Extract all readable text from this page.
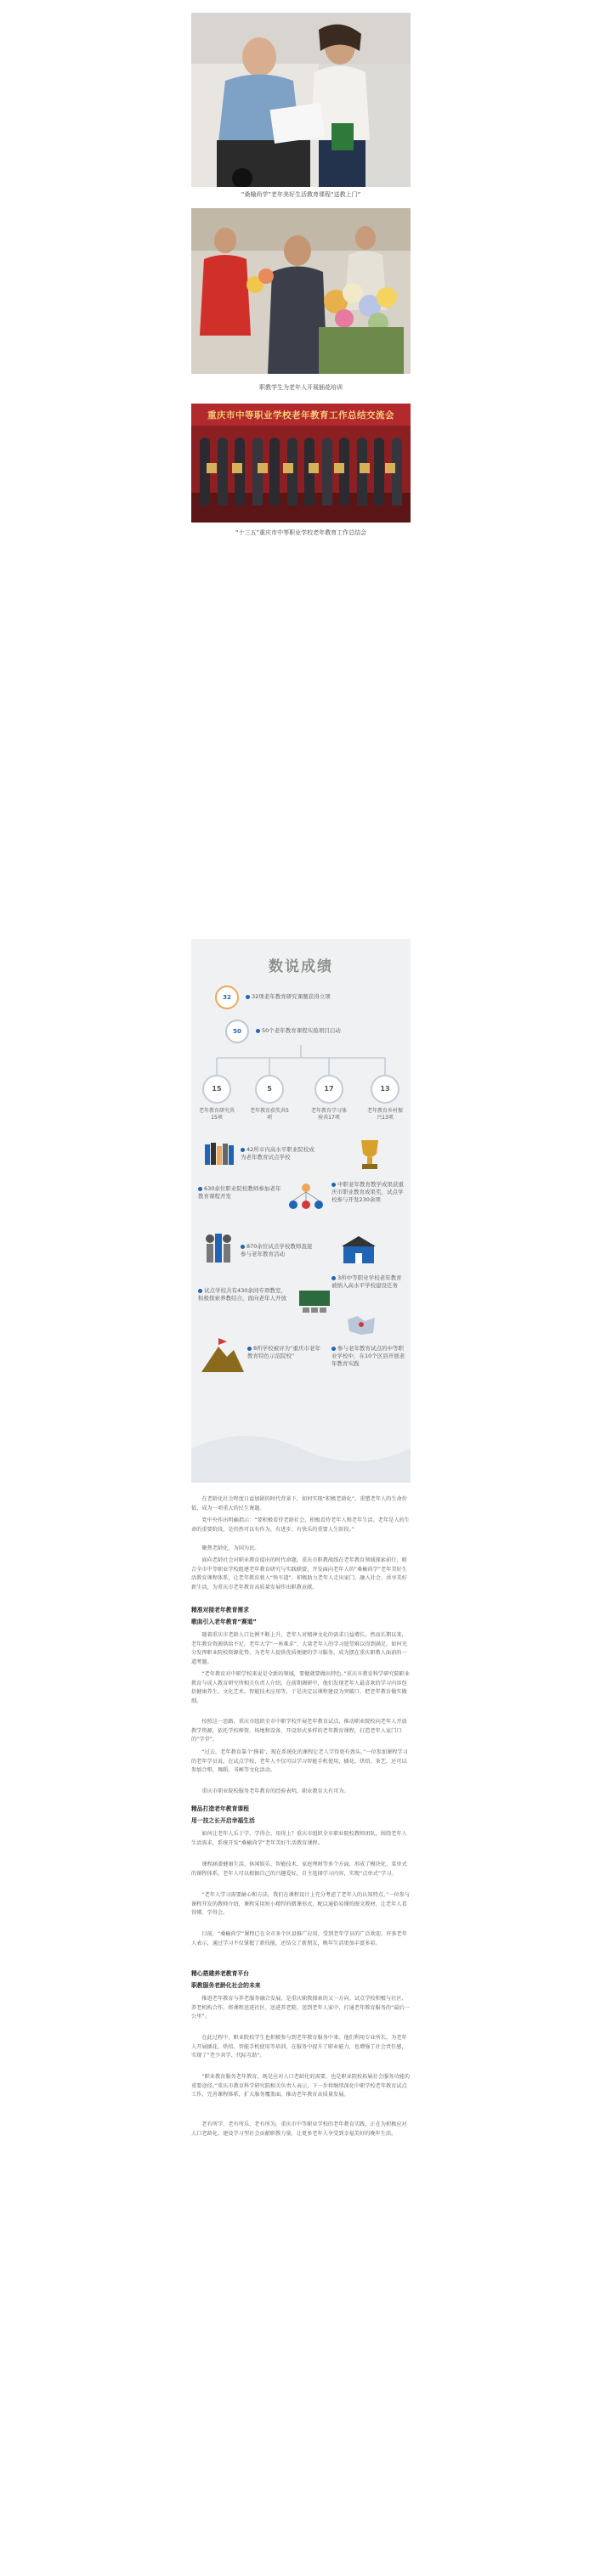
“桑榆尚学”老年美好生活教育课程“送教上门”
职教学生为老年人开展插花培训
重庆市中等职业学校老年教育工作总结交流会
“十三五”重庆市中等职业学校老年教育工作总结会
数说成绩
32	32项老年教育研究课题获得立项
50	50个老年教育课程实验项目启动
15	5	17	13
老年教育研究共15项
老年教育获奖共5项
老年教育学习体验共17项
老年教育乡村振兴13项
42所市内高水平职业院校成为老年教育试点学校
630余位职业院校教师参加老年教育课程开发
中职老年教育教学成果获重庆市职业教育成果奖，试点学校参与开发230余项
870余位试点学校教师直接参与老年教育活动
3所中等职业学校老年教育被纳入高水平学校建设任务
试点学校共有430余间专项教室，积极探索养教结合，面向老年人开放
参与老年教育试点的中等职业学校中，在10个区县开展老年教育实践
8所学校被评为“重庆市老年教育特色示范院校”
在老龄化社会程度日益加剧的时代背景下，如何实现“积极老龄化”，重塑老年人的生命价值，成为一项重大的民生课题。
党中央作出明确指示：“要积极看待老龄社会，积极看待老年人和老年生活。老年是人的生命的重要阶段，是仍然可以有作为、有进步、有快乐的重要人生阶段。”
聚焦老龄化，为国为民。
面向老龄社会对职业教育提出的时代命题，重庆市职教战线在老年教育领域探索前行，联合全市中等职业学校组建老年教育研究与实践联盟，开发面向老年人的“桑榆尚学”老年美好生活教育课程体系，让老年教育驶入“快车道”，积极助力老年人走出家门、融入社会、共享美好新生活，为重庆市老年教育高质量发展作出职教贡献。
精准对接老年教育需求
歌曲引入老年教育“赛道”
随着重庆市老龄人口比例不断上升，老年人对精神文化的需求日益增长。然而长期以来，老年教育资源供给不足，老年大学“一座难求”，大量老年人的学习愿望难以得到满足。如何充分发挥职业院校资源优势，为老年人提供优质便捷的学习服务，成为摆在重庆职教人面前的一道考题。
“老年教育对中职学校来说是全新的领域，要做就要做出特色。”重庆市教育科学研究院职业教育与成人教育研究所相关负责人介绍，在前期调研中，他们发现老年人最喜欢的学习内容包括健康养生、文化艺术、智能技术应用等，于是决定以课程建设为突破口，把老年教育做实做细。
按照这一思路，重庆市组织全市中职学校开展老年教育试点，推动职业院校向老年人开放教学资源，依托学校师资、场地和设备，开设形式多样的老年教育课程，打造老年人家门口的“学堂”。
“过去，老年教育靠个‘摸着’，现在系统化的课程让老人学得更有劲头。”一位参加课程学习的老年学员说。在试点学校，老年人不仅可以学习智能手机使用、插花、烘焙、茶艺，还可以参加合唱、舞蹈、书画等文化活动。
重庆市职业院校服务老年教育的经验表明，职业教育大有可为。
精品打造老年教育课程
用一技之长开启幸福生活
如何让老年人乐于学、学得会、用得上？重庆市组织全市职业院校教师团队，围绕老年人生活需求，系统开发“桑榆尚学”老年美好生活教育课程。
课程涵盖健康生活、休闲娱乐、智能技术、家庭理财等多个方面，形成了模块化、菜单式的课程体系。老年人可以根据自己的兴趣爱好，自主选择学习内容，实现“点单式”学习。
“老年人学习需要耐心和方法，我们在课程设计上充分考虑了老年人的认知特点。”一位参与课程开发的教师介绍，课程采用短小精悍的微课形式，配以通俗易懂的图文教材，让老年人看得懂、学得会。
目前，“桑榆尚学”课程已在全市多个区县推广应用，受到老年学员的广泛欢迎。许多老年人表示，通过学习不仅掌握了新技能，还结交了新朋友，晚年生活更加丰富多彩。
精心搭建养老教育平台
职教服务老龄化社会的未来
推进老年教育与养老服务融合发展，是重庆职教探索的又一方向。试点学校积极与社区、养老机构合作，将课程送进社区、送进养老院、送到老年人家中，打通老年教育服务的“最后一公里”。
在此过程中，职业院校学生也积极参与到老年教育服务中来。他们利用专业所长，为老年人开展插花、烘焙、智能手机使用等培训，在服务中提升了职业能力，也增强了社会责任感，实现了“老少共学、代际互助”。
“职业教育服务老年教育，既是应对人口老龄化的需要，也是职业院校拓展社会服务功能的重要途径。”重庆市教育科学研究院相关负责人表示，下一步将继续深化中职学校老年教育试点工作，完善课程体系，扩大服务覆盖面，推动老年教育高质量发展。
老有所学、老有所乐、老有所为。重庆市中等职业学校的老年教育实践，正在为积极应对人口老龄化、建设学习型社会贡献职教力量，让更多老年人享受到幸福美好的晚年生活。
